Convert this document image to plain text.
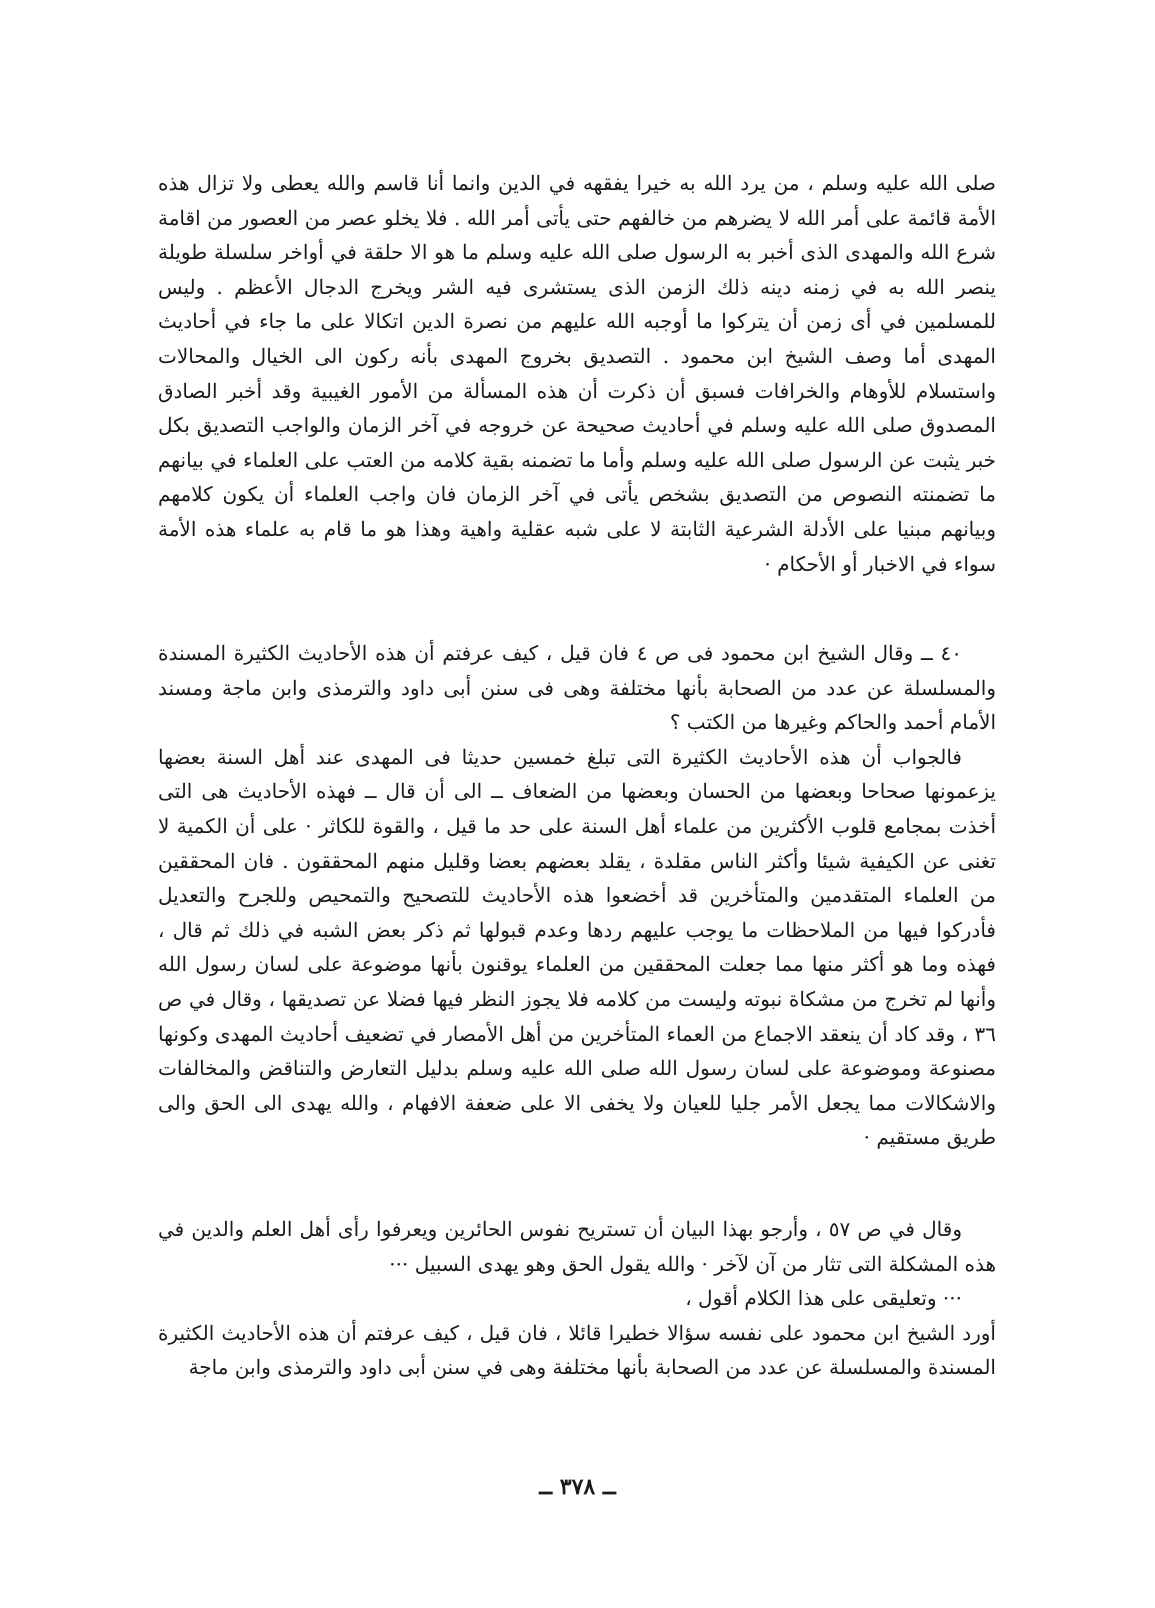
صلى الله عليه وسلم ، من يرد الله به خيرا يفقهه في الدين وانما أنا قاسم والله يعطى ولا تزال هذه الأمة قائمة على أمر الله لا يضرهم من خالفهم حتى يأتى أمر الله . فلا يخلو عصر من العصور من اقامة شرع الله والمهدى الذى أخبر به الرسول صلى الله عليه وسلم ما هو الا حلقة في أواخر سلسلة طويلة ينصر الله به في زمنه دينه ذلك الزمن الذى يستشرى فيه الشر ويخرج الدجال الأعظم . وليس للمسلمين في أى زمن أن يتركوا ما أوجبه الله عليهم من نصرة الدين اتكالا على ما جاء في أحاديث المهدى أما وصف الشيخ ابن محمود . التصديق بخروج المهدى بأنه ركون الى الخيال والمحالات واستسلام للأوهام والخرافات فسبق أن ذكرت أن هذه المسألة من الأمور الغيبية وقد أخبر الصادق المصدوق صلى الله عليه وسلم في أحاديث صحيحة عن خروجه في آخر الزمان والواجب التصديق بكل خبر يثبت عن الرسول صلى الله عليه وسلم وأما ما تضمنه بقية كلامه من العتب على العلماء في بيانهم ما تضمنته النصوص من التصديق بشخص يأتى في آخر الزمان فان واجب العلماء أن يكون كلامهم وبيانهم مبنيا على الأدلة الشرعية الثابتة لا على شبه عقلية واهية وهذا هو ما قام به علماء هذه الأمة سواء في الاخبار أو الأحكام ·

٤٠ ــ وقال الشيخ ابن محمود فى ص ٤ فان قيل ، كيف عرفتم أن هذه الأحاديث الكثيرة المسندة والمسلسلة عن عدد من الصحابة بأنها مختلفة وهى فى سنن أبى داود والترمذى وابن ماجة ومسند الأمام أحمد والحاكم وغيرها من الكتب ؟

فالجواب أن هذه الأحاديث الكثيرة التى تبلغ خمسين حديثا فى المهدى عند أهل السنة بعضها يزعمونها صحاحا وبعضها من الحسان وبعضها من الضعاف ــ الى أن قال ــ فهذه الأحاديث هى التى أخذت بمجامع قلوب الأكثرين من علماء أهل السنة على حد ما قيل ، والقوة للكاثر · على أن الكمية لا تغنى عن الكيفية شيئا وأكثر الناس مقلدة ، يقلد بعضهم بعضا وقليل منهم المحققون . فان المحققين من العلماء المتقدمين والمتأخرين قد أخضعوا هذه الأحاديث للتصحيح والتمحيص وللجرح والتعديل فأدركوا فيها من الملاحظات ما يوجب عليهم ردها وعدم قبولها ثم ذكر بعض الشبه في ذلك ثم قال ، فهذه وما هو أكثر منها مما جعلت المحققين من العلماء يوقنون بأنها موضوعة على لسان رسول الله وأنها لم تخرج من مشكاة نبوته وليست من كلامه فلا يجوز النظر فيها فضلا عن تصديقها ، وقال في ص ٣٦ ، وقد كاد أن ينعقد الاجماع من العماء المتأخرين من أهل الأمصار في تضعيف أحاديث المهدى وكونها مصنوعة وموضوعة على لسان رسول الله صلى الله عليه وسلم بدليل التعارض والتناقض والمخالفات والاشكالات مما يجعل الأمر جليا للعيان ولا يخفى الا على ضعفة الافهام ، والله يهدى الى الحق والى طريق مستقيم ·

وقال في ص ٥٧ ، وأرجو بهذا البيان أن تستريح نفوس الحائرين ويعرفوا رأى أهل العلم والدين في هذه المشكلة التى تثار من آن لآخر · والله يقول الحق وهو يهدى السبيل ···

··· وتعليقى على هذا الكلام أقول ،

أورد الشيخ ابن محمود على نفسه سؤالا خطيرا قائلا ، فان قيل ، كيف عرفتم أن هذه الأحاديث الكثيرة المسندة والمسلسلة عن عدد من الصحابة بأنها مختلفة وهى في سنن أبى داود والترمذى وابن ماجة

ــ ٣٧٨ ــ
